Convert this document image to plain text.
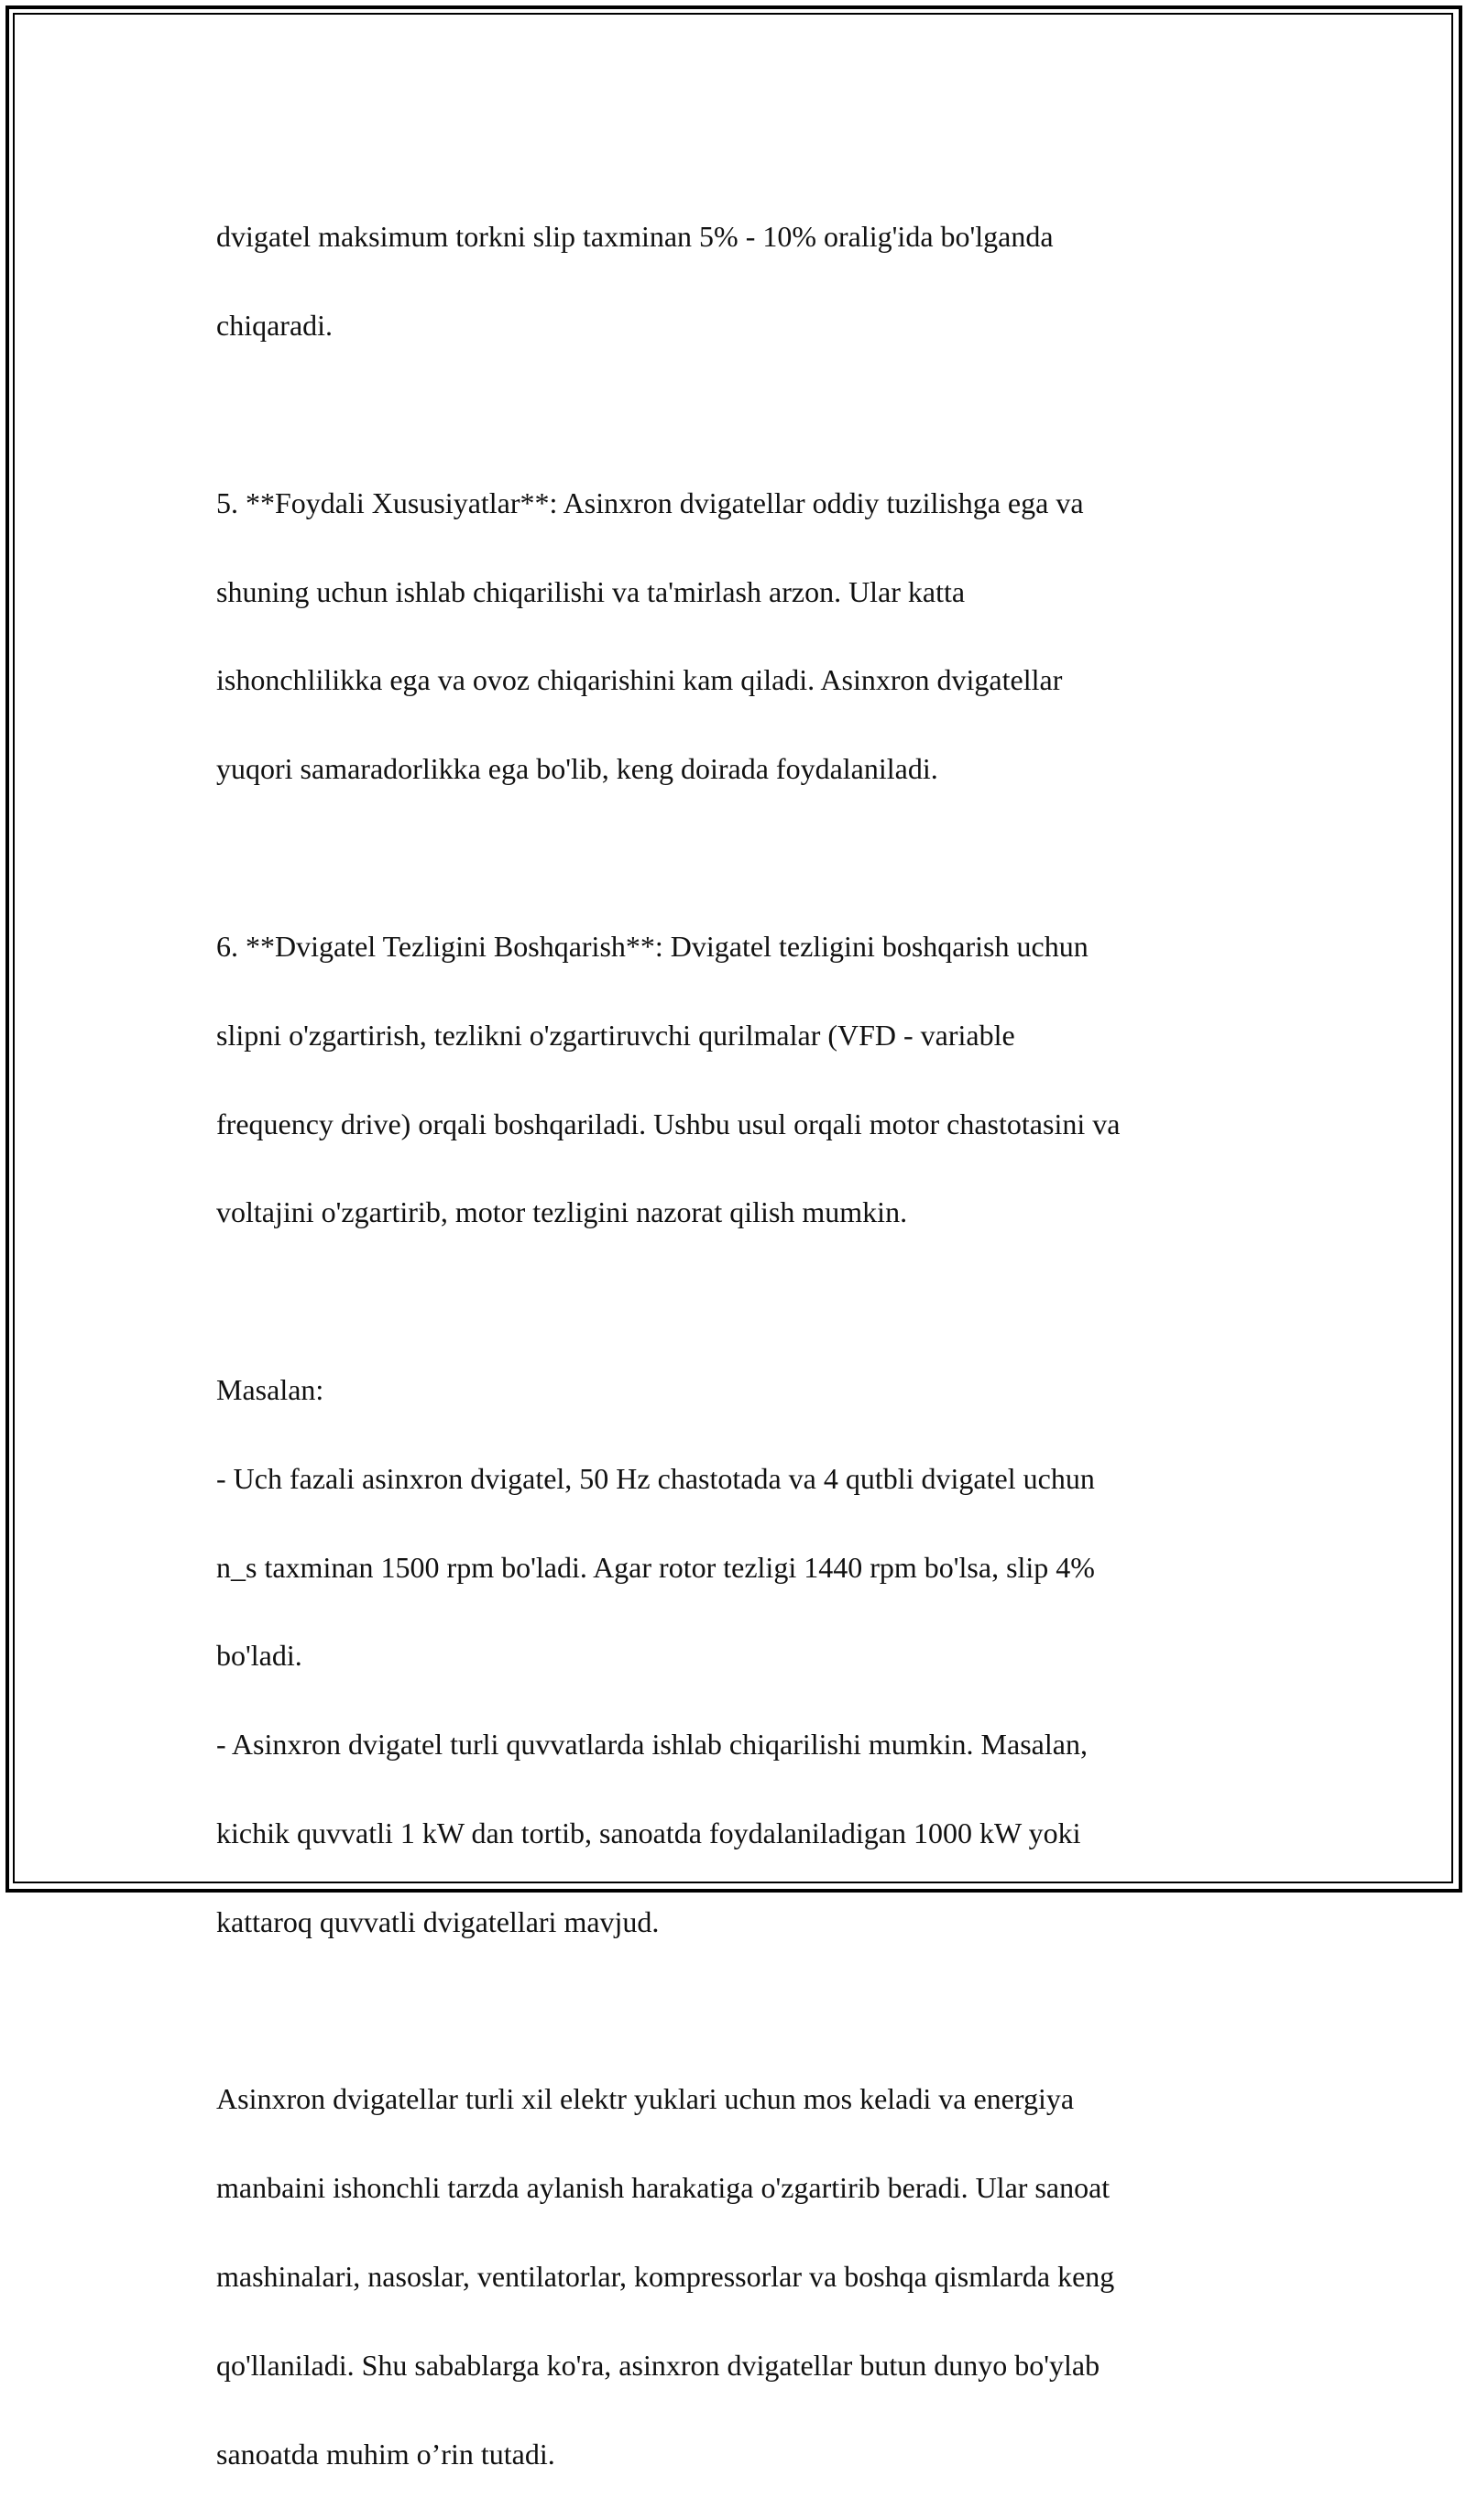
dvigatel maksimum torkni slip taxminan 5% - 10% oralig'ida bo'lganda

chiqaradi.

5. **Foydali Xususiyatlar**: Asinxron dvigatellar oddiy tuzilishga ega va

shuning uchun ishlab chiqarilishi va ta'mirlash arzon. Ular katta

ishonchlilikka ega va ovoz chiqarishini kam qiladi. Asinxron dvigatellar

yuqori samaradorlikka ega bo'lib, keng doirada foydalaniladi.

6. **Dvigatel Tezligini Boshqarish**: Dvigatel tezligini boshqarish uchun

slipni o'zgartirish, tezlikni o'zgartiruvchi qurilmalar (VFD - variable

frequency drive) orqali boshqariladi. Ushbu usul orqali motor chastotasini va

voltajini o'zgartirib, motor tezligini nazorat qilish mumkin.

Masalan:

- Uch fazali asinxron dvigatel, 50 Hz chastotada va 4 qutbli dvigatel uchun

n_s taxminan 1500 rpm bo'ladi. Agar rotor tezligi 1440 rpm bo'lsa, slip 4%

bo'ladi.

- Asinxron dvigatel turli quvvatlarda ishlab chiqarilishi mumkin. Masalan,

kichik quvvatli 1 kW dan tortib, sanoatda foydalaniladigan 1000 kW yoki

kattaroq quvvatli dvigatellari mavjud.

Asinxron dvigatellar turli xil elektr yuklari uchun mos keladi va energiya

manbaini ishonchli tarzda aylanish harakatiga o'zgartirib beradi. Ular sanoat

mashinalari, nasoslar, ventilatorlar, kompressorlar va boshqa qismlarda keng

qo'llaniladi. Shu sabablarga ko'ra, asinxron dvigatellar butun dunyo bo'ylab

sanoatda muhim o’rin tutadi.
